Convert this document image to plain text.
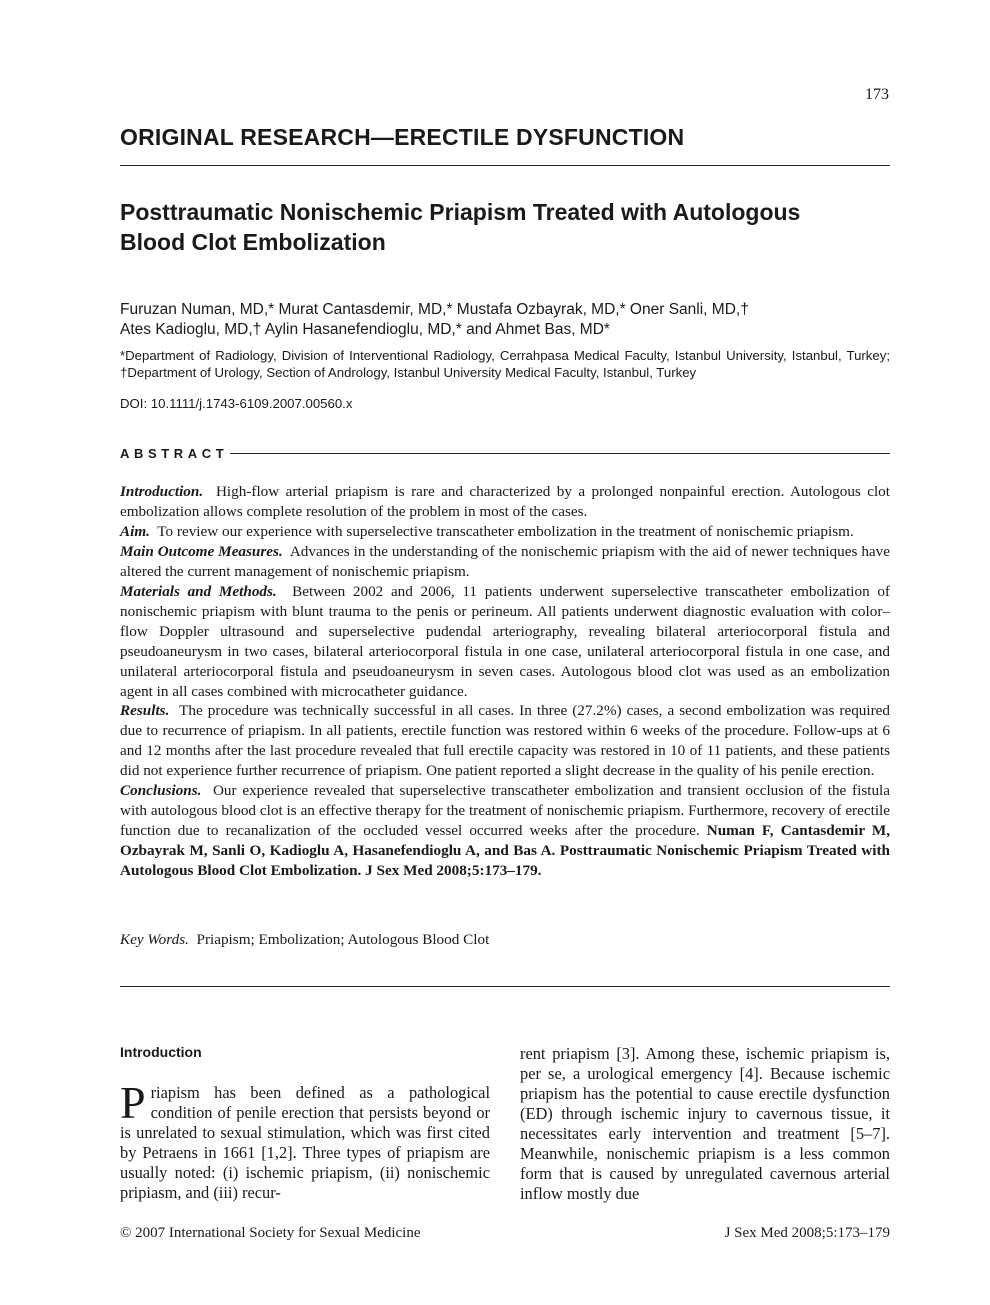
173
ORIGINAL RESEARCH—ERECTILE DYSFUNCTION
Posttraumatic Nonischemic Priapism Treated with Autologous
Blood Clot Embolization
Furuzan Numan, MD,* Murat Cantasdemir, MD,* Mustafa Ozbayrak, MD,* Oner Sanli, MD,†
Ates Kadioglu, MD,† Aylin Hasanefendioglu, MD,* and Ahmet Bas, MD*
*Department of Radiology, Division of Interventional Radiology, Cerrahpasa Medical Faculty, Istanbul University, Istanbul, Turkey; †Department of Urology, Section of Andrology, Istanbul University Medical Faculty, Istanbul, Turkey
DOI: 10.1111/j.1743-6109.2007.00560.x
ABSTRACT

Introduction. High-flow arterial priapism is rare and characterized by a prolonged nonpainful erection. Autologous clot embolization allows complete resolution of the problem in most of the cases.

Aim. To review our experience with superselective transcatheter embolization in the treatment of nonischemic priapism.

Main Outcome Measures. Advances in the understanding of the nonischemic priapism with the aid of newer techniques have altered the current management of nonischemic priapism.

Materials and Methods. Between 2002 and 2006, 11 patients underwent superselective transcatheter embolization of nonischemic priapism with blunt trauma to the penis or perineum. All patients underwent diagnostic evaluation with color–flow Doppler ultrasound and superselective pudendal arteriography, revealing bilateral arteriocorporal fistula and pseudoaneurysm in two cases, bilateral arteriocorporal fistula in one case, unilateral arteriocorporal fistula in one case, and unilateral arteriocorporal fistula and pseudoaneurysm in seven cases. Autologous blood clot was used as an embolization agent in all cases combined with microcatheter guidance.

Results. The procedure was technically successful in all cases. In three (27.2%) cases, a second embolization was required due to recurrence of priapism. In all patients, erectile function was restored within 6 weeks of the procedure. Follow-ups at 6 and 12 months after the last procedure revealed that full erectile capacity was restored in 10 of 11 patients, and these patients did not experience further recurrence of priapism. One patient reported a slight decrease in the quality of his penile erection.

Conclusions. Our experience revealed that superselective transcatheter embolization and transient occlusion of the fistula with autologous blood clot is an effective therapy for the treatment of nonischemic priapism. Furthermore, recovery of erectile function due to recanalization of the occluded vessel occurred weeks after the procedure. Numan F, Cantasdemir M, Ozbayrak M, Sanli O, Kadioglu A, Hasanefendioglu A, and Bas A. Posttraumatic Nonischemic Priapism Treated with Autologous Blood Clot Embolization. J Sex Med 2008;5:173–179.

Key Words. Priapism; Embolization; Autologous Blood Clot
Introduction

Priapism has been defined as a pathological condition of penile erection that persists beyond or is unrelated to sexual stimulation, which was first cited by Petraens in 1661 [1,2]. Three types of priapism are usually noted: (i) ischemic priapism, (ii) nonischemic pripiasm, and (iii) recur-

rent priapism [3]. Among these, ischemic priapism is, per se, a urological emergency [4]. Because ischemic priapism has the potential to cause erectile dysfunction (ED) through ischemic injury to cavernous tissue, it necessitates early intervention and treatment [5–7]. Meanwhile, nonischemic priapism is a less common form that is caused by unregulated cavernous arterial inflow mostly due

© 2007 International Society for Sexual Medicine	J Sex Med 2008;5:173–179
